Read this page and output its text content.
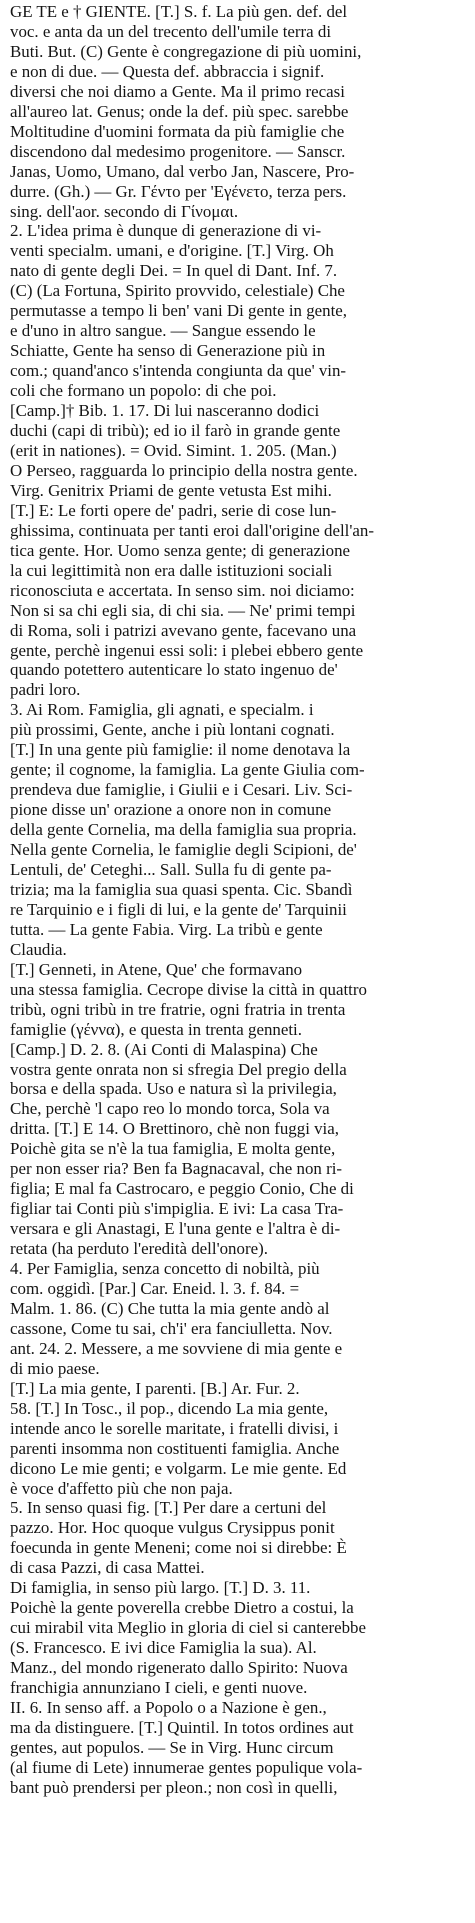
GE TE e † GIENTE. [T.] S. f. La più gen. def. del
voc. e anta da un del trecento dell'umile terra di
Buti. But. (C) Gente è congregazione di più uomini,
e non di due. — Questa def. abbraccia i signif.
diversi che noi diamo a Gente. Ma il primo recasi
all'aureo lat. Genus; onde la def. più spec. sarebbe
Moltitudine d'uomini formata da più famiglie che
discendono dal medesimo progenitore. — Sanscr.
Janas, Uomo, Umano, dal verbo Jan, Nascere, Pro-
durre. (Gh.) — Gr. Γέντο per 'Εγένετο, terza pers.
sing. dell'aor. secondo di Γίνομαι.
2. L'idea prima è dunque di generazione di vi-
venti specialm. umani, e d'origine. [T.] Virg. Oh
nato di gente degli Dei. = In quel di Dant. Inf. 7.
(C) (La Fortuna, Spirito provvido, celestiale) Che
permutasse a tempo li ben' vani Di gente in gente,
e d'uno in altro sangue. — Sangue essendo le
Schiatte, Gente ha senso di Generazione più in
com.; quand'anco s'intenda congiunta da que' vin-
coli che formano un popolo: di che poi.
[Camp.]† Bib. 1. 17. Di lui nasceranno dodici
duchi (capi di tribù); ed io il farò in grande gente
(erit in nationes). = Ovid. Simint. 1. 205. (Man.)
O Perseo, ragguarda lo principio della nostra gente.
Virg. Genitrix Priami de gente vetusta Est mihi.
[T.] E: Le forti opere de' padri, serie di cose lun-
ghissima, continuata per tanti eroi dall'origine dell'an-
tica gente. Hor. Uomo senza gente; di generazione
la cui legittimità non era dalle istituzioni sociali
riconosciuta e accertata. In senso sim. noi diciamo:
Non si sa chi egli sia, di chi sia. — Ne' primi tempi
di Roma, soli i patrizi avevano gente, facevano una
gente, perchè ingenui essi soli: i plebei ebbero gente
quando potettero autenticare lo stato ingenuo de'
padri loro.
3. Ai Rom. Famiglia, gli agnati, e specialm. i
più prossimi, Gente, anche i più lontani cognati.
[T.] In una gente più famiglie: il nome denotava la
gente; il cognome, la famiglia. La gente Giulia com-
prendeva due famiglie, i Giulii e i Cesari. Liv. Sci-
pione disse un' orazione a onore non in comune
della gente Cornelia, ma della famiglia sua propria.
Nella gente Cornelia, le famiglie degli Scipioni, de'
Lentuli, de' Ceteghi... Sall. Sulla fu di gente pa-
trizia; ma la famiglia sua quasi spenta. Cic. Sbandì
re Tarquinio e i figli di lui, e la gente de' Tarquinii
tutta. — La gente Fabia. Virg. La tribù e gente
Claudia.
[T.] Genneti, in Atene, Que' che formavano
una stessa famiglia. Cecrope divise la città in quattro
tribù, ogni tribù in tre fratrie, ogni fratria in trenta
famiglie (γέννα), e questa in trenta genneti.
[Camp.] D. 2. 8. (Ai Conti di Malaspina) Che
vostra gente onrata non si sfregia Del pregio della
borsa e della spada. Uso e natura sì la privilegia,
Che, perchè 'l capo reo lo mondo torca, Sola va
dritta. [T.] E 14. O Brettinoro, chè non fuggi via,
Poichè gita se n'è la tua famiglia, E molta gente,
per non esser ria? Ben fa Bagnacaval, che non ri-
figlia; E mal fa Castrocaro, e peggio Conio, Che di
figliar tai Conti più s'impiglia. E ivi: La casa Tra-
versara e gli Anastagi, E l'una gente e l'altra è di-
retata (ha perduto l'eredità dell'onore).
4. Per Famiglia, senza concetto di nobiltà, più
com. oggidì. [Par.] Car. Eneid. l. 3. f. 84. =
Malm. 1. 86. (C) Che tutta la mia gente andò al
cassone, Come tu sai, ch'i' era fanciulletta. Nov.
ant. 24. 2. Messere, a me sovviene di mia gente e
di mio paese.
[T.] La mia gente, I parenti. [B.] Ar. Fur. 2.
58. [T.] In Tosc., il pop., dicendo La mia gente,
intende anco le sorelle maritate, i fratelli divisi, i
parenti insomma non costituenti famiglia. Anche
dicono Le mie genti; e volgarm. Le mie gente. Ed
è voce d'affetto più che non paja.
5. In senso quasi fig. [T.] Per dare a certuni del
pazzo. Hor. Hoc quoque vulgus Crysippus ponit
foecunda in gente Meneni; come noi si direbbe: È
di casa Pazzi, di casa Mattei.
Di famiglia, in senso più largo. [T.] D. 3. 11.
Poichè la gente poverella crebbe Dietro a costui, la
cui mirabil vita Meglio in gloria di ciel si canterebbe
(S. Francesco. E ivi dice Famiglia la sua). Al.
Manz., del mondo rigenerato dallo Spirito: Nuova
franchigia annunziano I cieli, e genti nuove.
II. 6. In senso aff. a Popolo o a Nazione è gen.,
ma da distinguere. [T.] Quintil. In totos ordines aut
gentes, aut populos. — Se in Virg. Hunc circum
(al fiume di Lete) innumerae gentes populique vola-
bant può prendersi per pleon.; non così in quelli,
